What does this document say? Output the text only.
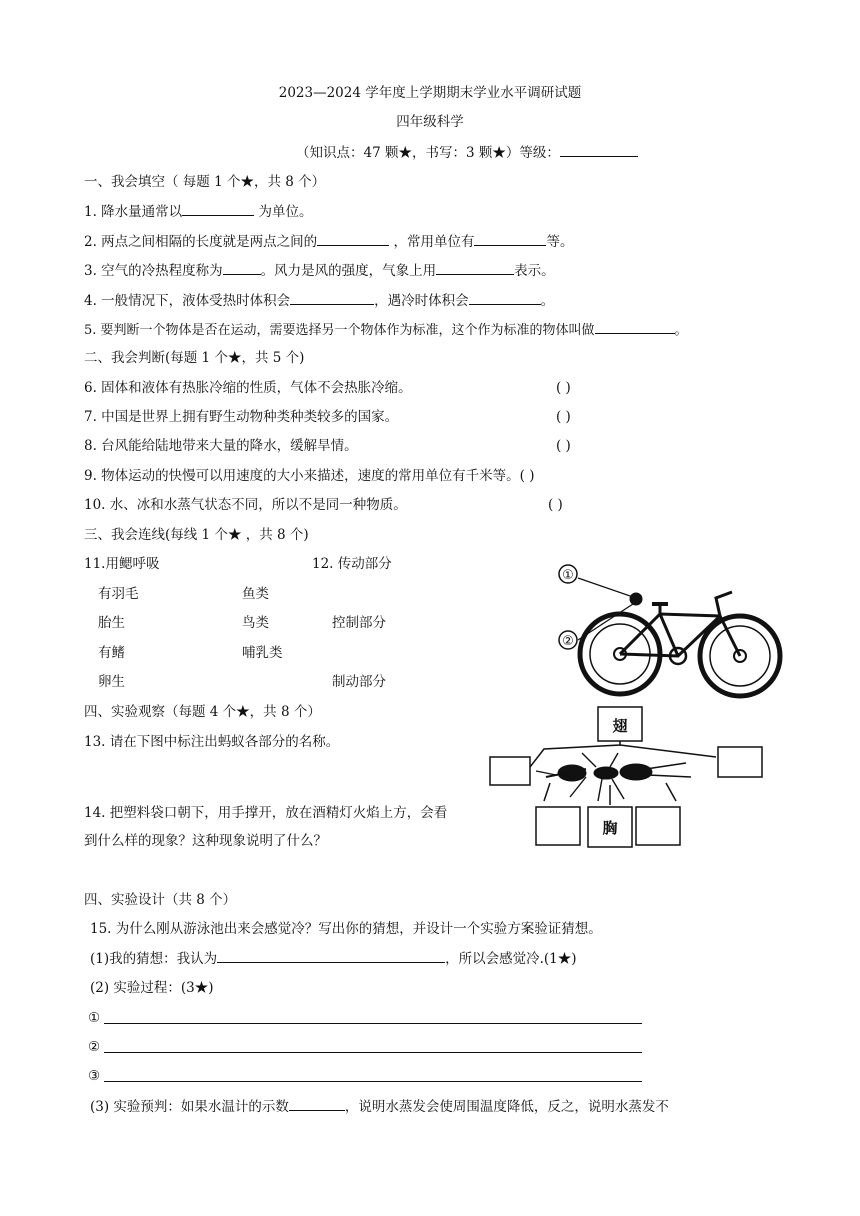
2023—2024 学年度上学期期末学业水平调研试题
四年级科学
（知识点：47 颗★，书写：3 颗★）等级：
一、我会填空（ 每题 1 个★，共 8 个）
1. 降水量通常以	为单位。
2. 两点之间相隔的长度就是两点之间的	，常用单位有	等。
3. 空气的冷热程度称为	。风力是风的强度，气象上用	表示。
4. 一般情况下，液体受热时体积会	，遇冷时体积会	。
5. 要判断一个物体是否在运动，需要选择另一个物体作为标准，这个作为标准的物体叫做	。
二、我会判断(每题 1 个★，共 5 个)
6. 固体和液体有热胀冷缩的性质，气体不会热胀冷缩。	( )
7. 中国是世界上拥有野生动物种类种类较多的国家。	( )
8. 台风能给陆地带来大量的降水，缓解旱情。	( )
9. 物体运动的快慢可以用速度的大小来描述，速度的常用单位有千米等。( )
10. 水、冰和水蒸气状态不同，所以不是同一种物质。	( )
三、我会连线(每线 1 个★ ，共 8 个)
11.用鳃呼吸	12. 传动部分
有羽毛
胎生
有鳍
卵生
鱼类
鸟类
哺乳类
控制部分
制动部分
①
②
四、实验观察（每题 4 个★，共 8 个）
13. 请在下图中标注出蚂蚁各部分的名称。
14. 把塑料袋口朝下，用手撑开，放在酒精灯火焰上方，会看
到什么样的现象？这种现象说明了什么？
翅
胸
四、实验设计（共 8 个）
15. 为什么刚从游泳池出来会感觉冷？写出你的猜想，并设计一个实验方案验证猜想。
(1)我的猜想：我认为	，所以会感觉冷.(1★)
(2) 实验过程：(3★)
①
②
③
(3) 实验预判：如果水温计的示数	，说明水蒸发会使周围温度降低，反之，说明水蒸发不
